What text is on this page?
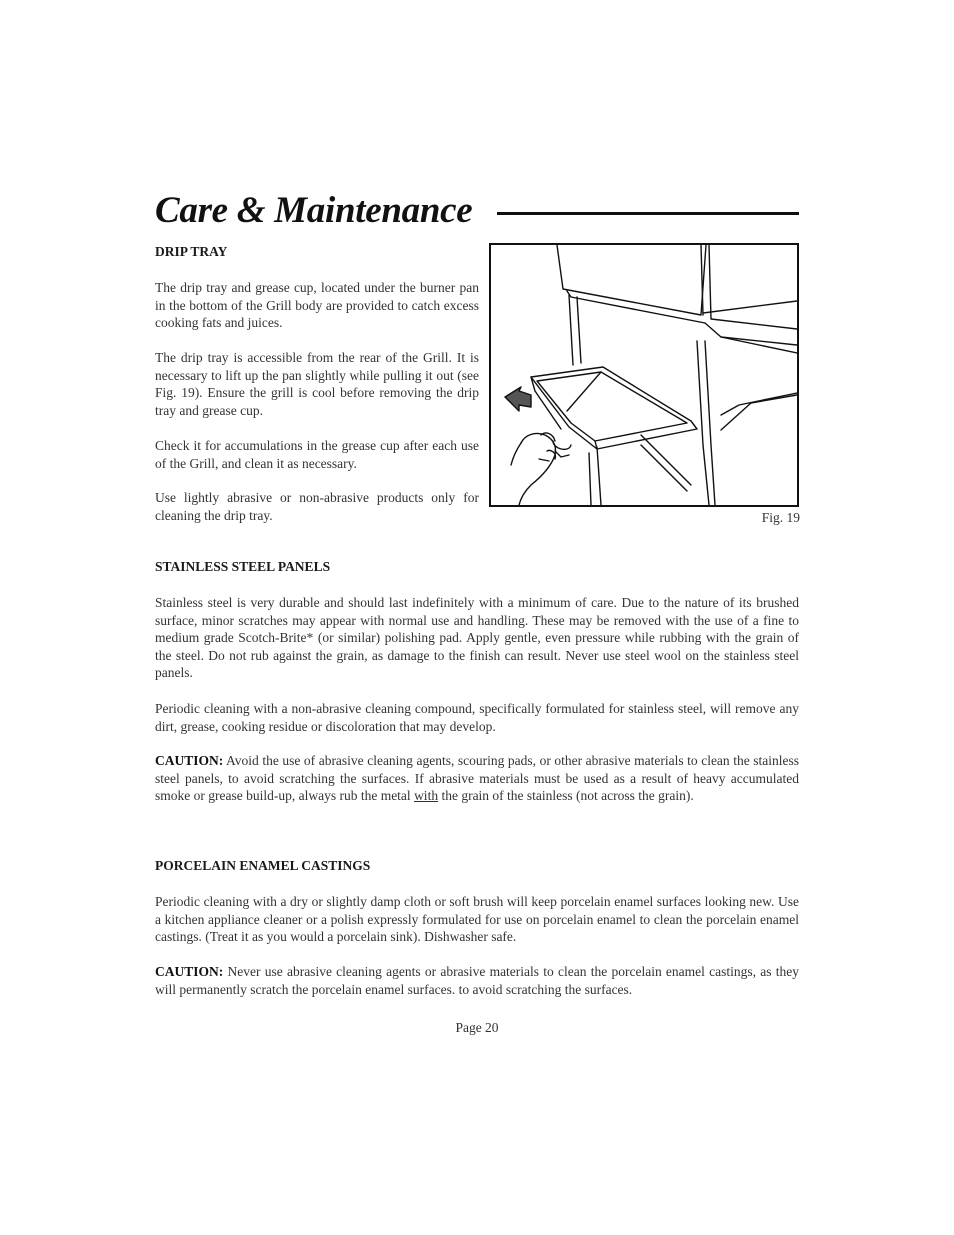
Care & Maintenance
DRIP TRAY

The drip tray and grease cup, located under the burner pan in the bottom of the Grill body are provided to catch excess cooking fats and juices.

The drip tray is accessible from the rear of the Grill. It is necessary to lift up the pan slightly while pulling it out (see Fig. 19). Ensure the grill is cool before removing the drip tray and grease cup.

Check it for accumulations in the grease cup after each use of the Grill, and clean it as necessary.

Use lightly abrasive or non-abrasive products only for cleaning the drip tray.	Fig. 19

STAINLESS STEEL PANELS

Stainless steel is very durable and should last indefinitely with a minimum of care. Due to the nature of its brushed surface, minor scratches may appear with normal use and handling. These may be removed with the use of a fine to medium grade Scotch-Brite* (or similar) polishing pad. Apply gentle, even pressure while rubbing with the grain of the steel. Do not rub against the grain, as damage to the finish can result. Never use steel wool on the stainless steel panels.

Periodic cleaning with a non-abrasive cleaning compound, specifically formulated for stainless steel, will remove any dirt, grease, cooking residue or discoloration that may develop.

CAUTION: Avoid the use of abrasive cleaning agents, scouring pads, or other abrasive materials to clean the stainless steel panels, to avoid scratching the surfaces. If abrasive materials must be used as a result of heavy accumulated smoke or grease build-up, always rub the metal with the grain of the stainless (not across the grain).

PORCELAIN ENAMEL CASTINGS

Periodic cleaning with a dry or slightly damp cloth or soft brush will keep porcelain enamel surfaces looking new. Use a kitchen appliance cleaner or a polish expressly formulated for use on porcelain enamel to clean the porcelain enamel castings. (Treat it as you would a porcelain sink). Dishwasher safe.

CAUTION: Never use abrasive cleaning agents or abrasive materials to clean the porcelain enamel castings, as they will permanently scratch the porcelain enamel surfaces. to avoid scratching the surfaces.

Page 20
